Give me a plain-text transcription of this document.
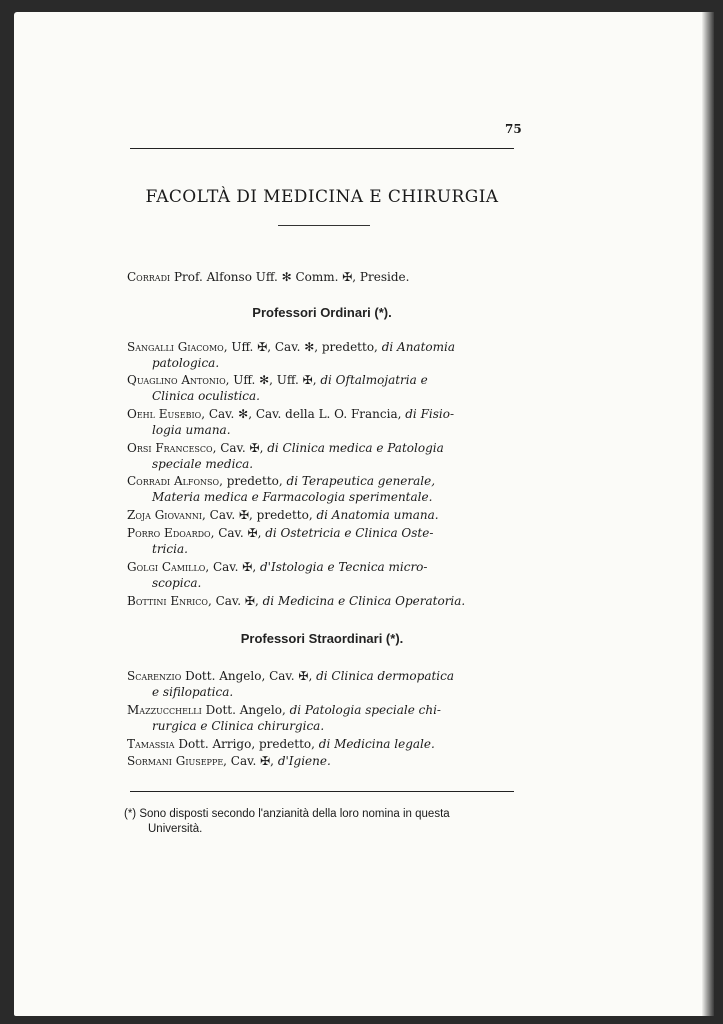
75
FACOLTÀ DI MEDICINA E CHIRURGIA
Corradi Prof. Alfonso Uff. ✻ Comm. ✠, Preside.
Professori Ordinari (*).
Sangalli Giacomo, Uff. ✠, Cav. ✻, predetto, di Anatomia
patologica.
Quaglino Antonio, Uff. ✻, Uff. ✠, di Oftalmojatria e
Clinica oculistica.
Oehl Eusebio, Cav. ✻, Cav. della L. O. Francia, di Fisio-
logia umana.
Orsi Francesco, Cav. ✠, di Clinica medica e Patologia
speciale medica.
Corradi Alfonso, predetto, di Terapeutica generale,
Materia medica e Farmacologia sperimentale.
Zoja Giovanni, Cav. ✠, predetto, di Anatomia umana.
Porro Edoardo, Cav. ✠, di Ostetricia e Clinica Oste-
tricia.
Golgi Camillo, Cav. ✠, d'Istologia e Tecnica micro-
scopica.
Bottini Enrico, Cav. ✠, di Medicina e Clinica Operatoria.
Professori Straordinari (*).
Scarenzio Dott. Angelo, Cav. ✠, di Clinica dermopatica
e sifilopatica.
Mazzucchelli Dott. Angelo, di Patologia speciale chi-
rurgica e Clinica chirurgica.
Tamassia Dott. Arrigo, predetto, di Medicina legale.
Sormani Giuseppe, Cav. ✠, d'Igiene.
(*) Sono disposti secondo l'anzianità della loro nomina in questa
Università.
